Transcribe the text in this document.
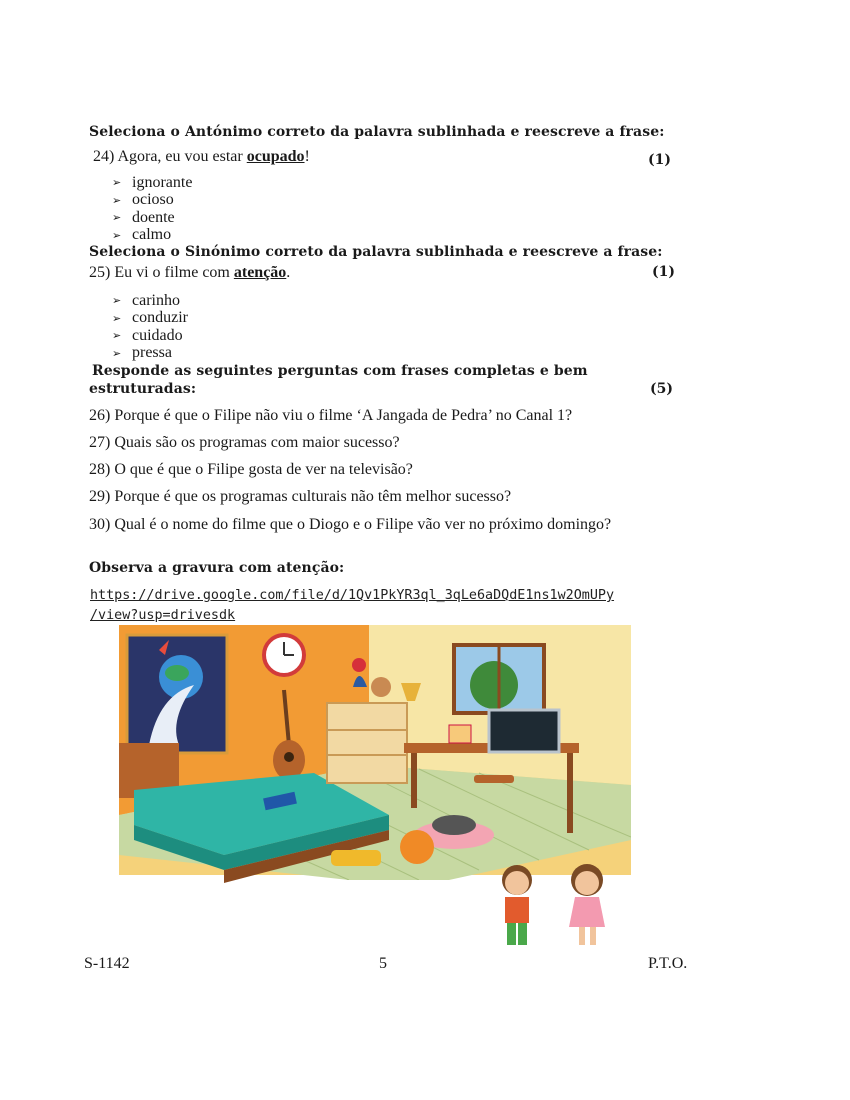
Seleciona o Antónimo correto da palavra sublinhada e reescreve a frase:
24) Agora, eu vou estar ocupado!	(1)
➢ ignorante
➢ ocioso
➢ doente
➢ calmo
Seleciona o Sinónimo correto da palavra sublinhada e reescreve a frase:
25) Eu vi o filme com atenção.	(1)
➢ carinho
➢ conduzir
➢ cuidado
➢ pressa
Responde as seguintes perguntas com frases completas e bem
estruturadas:	(5)
26) Porque é que o Filipe não viu o filme ‘A Jangada de Pedra’ no Canal 1?
27) Quais são os programas com maior sucesso?
28) O que é que o Filipe gosta de ver na televisão?
29) Porque é que os programas culturais não têm melhor sucesso?
30) Qual é o nome do filme que o Diogo e o Filipe vão ver no próximo domingo?
Observa a gravura com atenção:
https://drive.google.com/file/d/1Qv1PkYR3ql_3qLe6aDQdE1ns1w2OmUPy
/view?usp=drivesdk
S-1142	5	P.T.O.
